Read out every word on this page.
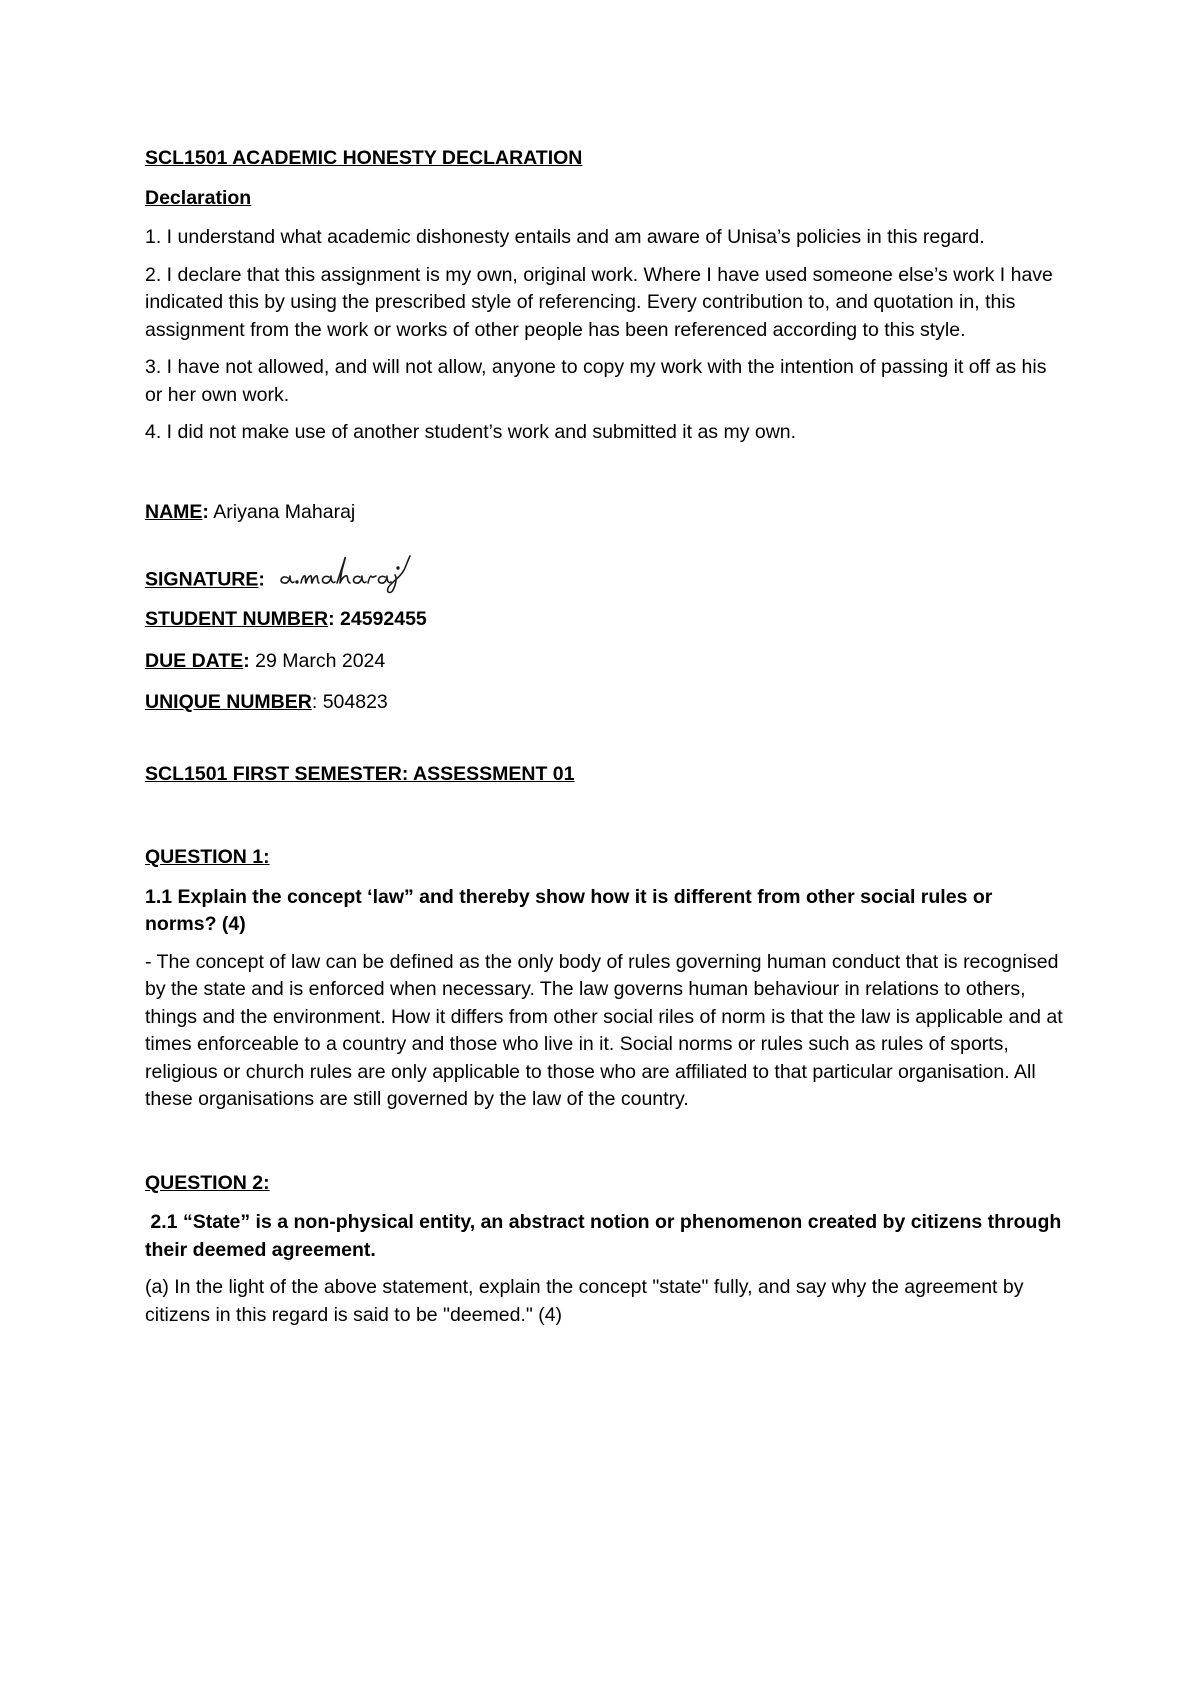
SCL1501 ACADEMIC HONESTY DECLARATION

Declaration

1. I understand what academic dishonesty entails and am aware of Unisa’s policies in this regard.

2. I declare that this assignment is my own, original work. Where I have used someone else’s work I have indicated this by using the prescribed style of referencing. Every contribution to, and quotation in, this assignment from the work or works of other people has been referenced according to this style.

3. I have not allowed, and will not allow, anyone to copy my work with the intention of passing it off as his or her own work.

4. I did not make use of another student’s work and submitted it as my own.

NAME: Ariyana Maharaj

SIGNATURE:

STUDENT NUMBER: 24592455

DUE DATE: 29 March 2024

UNIQUE NUMBER: 504823

SCL1501 FIRST SEMESTER: ASSESSMENT 01

QUESTION 1:

1.1 Explain the concept ‘law” and thereby show how it is different from other social rules or norms? (4)

- The concept of law can be defined as the only body of rules governing human conduct that is recognised by the state and is enforced when necessary. The law governs human behaviour in relations to others, things and the environment. How it differs from other social riles of norm is that the law is applicable and at times enforceable to a country and those who live in it. Social norms or rules such as rules of sports, religious or church rules are only applicable to those who are affiliated to that particular organisation. All these organisations are still governed by the law of the country.

QUESTION 2:

2.1 “State” is a non-physical entity, an abstract notion or phenomenon created by citizens through their deemed agreement.

(a) In the light of the above statement, explain the concept "state" fully, and say why the agreement by citizens in this regard is said to be "deemed." (4)
